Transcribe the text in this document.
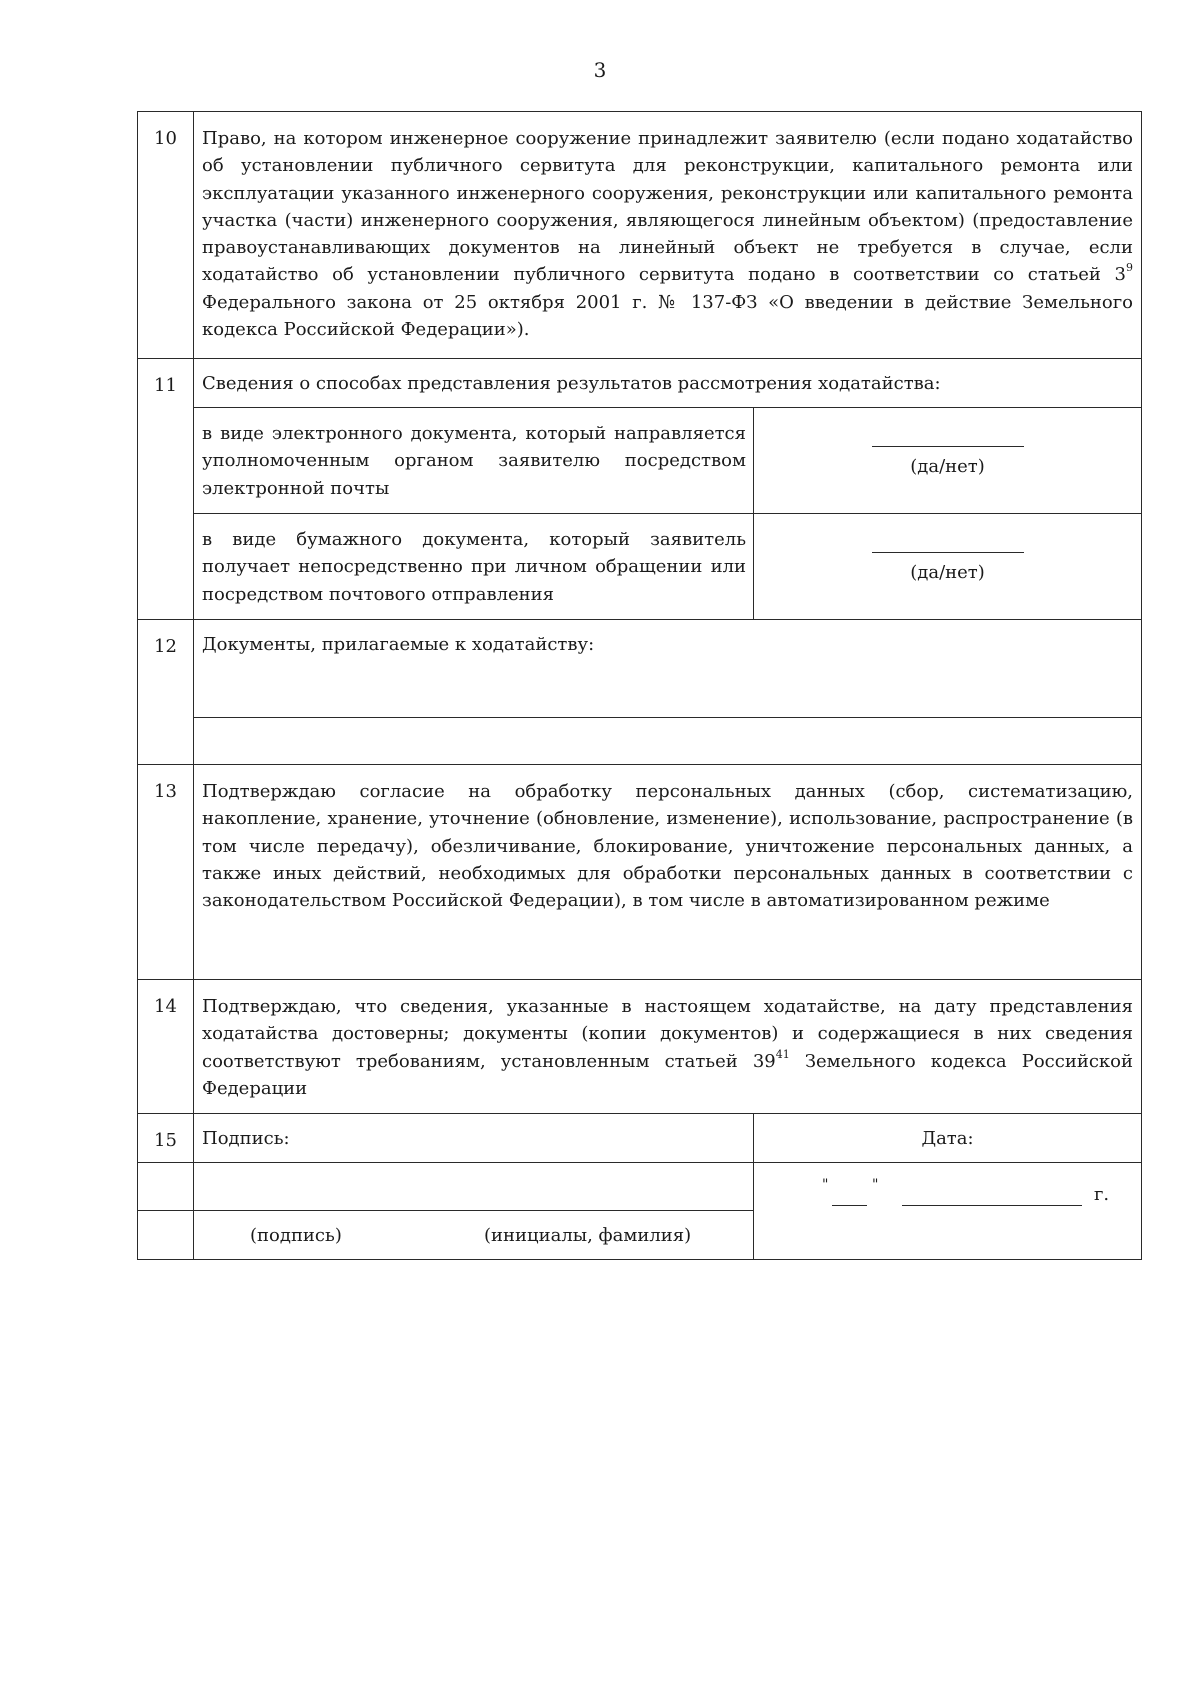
3
10	Право, на котором инженерное сооружение принадлежит заявителю (если подано ходатайство об установлении публичного сервитута для реконструкции, капитального ремонта или эксплуатации указанного инженерного сооружения, реконструкции или капитального ремонта участка (части) инженерного сооружения, являющегося линейным объектом) (предоставление правоустанавливающих документов на линейный объект не требуется в случае, если ходатайство об установлении публичного сервитута подано в соответствии со статьей $3^9$ Федерального закона от 25 октября 2001 г. № 137-ФЗ «О введении в действие Земельного кодекса Российской Федерации»).	

11	Сведения о способах представления результатов рассмотрения ходатайства:	

	в виде электронного документа, который направляется уполномоченным органом заявителю посредством электронной почты	(да/нет)

	в виде бумажного документа, который заявитель получает непосредственно при личном обращении или посредством почтового отправления	(да/нет)

12	Документы, прилагаемые к ходатайству:	

13	Подтверждаю согласие на обработку персональных данных (сбор, систематизацию, накопление, хранение, уточнение (обновление, изменение), использование, распространение (в том числе передачу), обезличивание, блокирование, уничтожение персональных данных, а также иных действий, необходимых для обработки персональных данных в соответствии с законодательством Российской Федерации), в том числе в автоматизированном режиме	

14	Подтверждаю, что сведения, указанные в настоящем ходатайстве, на дату представления ходатайства достоверны; документы (копии документов) и содержащиеся в них сведения соответствуют требованиям, установленным статьей $39^{41}$ Земельного кодекса Российской Федерации	

15	Подпись:	Дата:

		" " г.

	(подпись) (инициалы, фамилия)	
